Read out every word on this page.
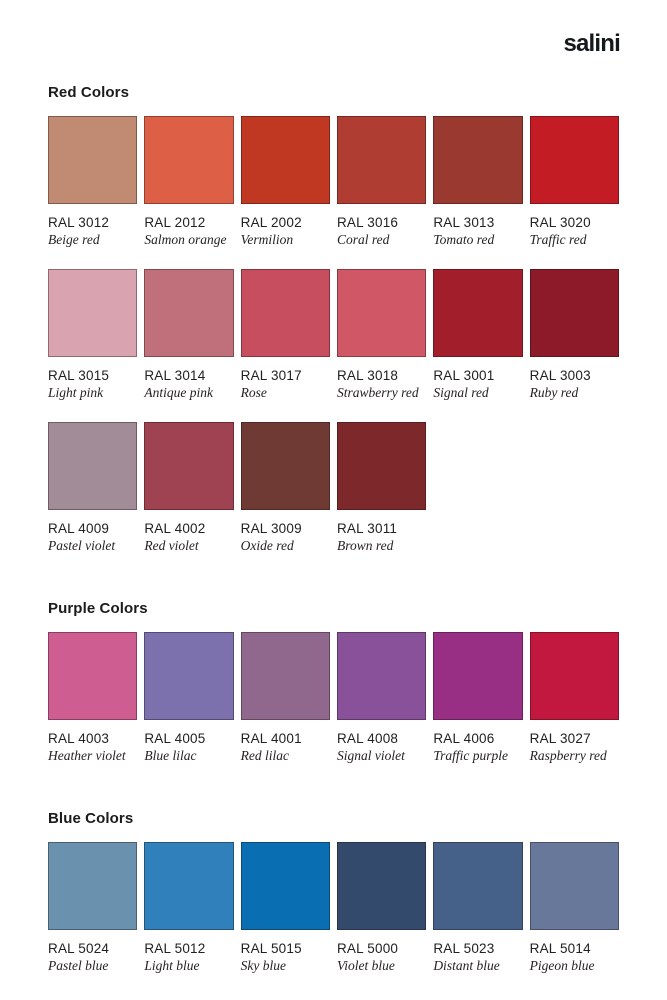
salini
Red Colors
RAL 3012
Beige red
RAL 2012
Salmon orange
RAL 2002
Vermilion
RAL 3016
Coral red
RAL 3013
Tomato red
RAL 3020
Traffic red
RAL 3015
Light pink
RAL 3014
Antique pink
RAL 3017
Rose
RAL 3018
Strawberry red
RAL 3001
Signal red
RAL 3003
Ruby red
RAL 4009
Pastel violet
RAL 4002
Red violet
RAL 3009
Oxide red
RAL 3011
Brown red
Purple Colors
RAL 4003
Heather violet
RAL 4005
Blue lilac
RAL 4001
Red lilac
RAL 4008
Signal violet
RAL 4006
Traffic purple
RAL 3027
Raspberry red
Blue Colors
RAL 5024
Pastel blue
RAL 5012
Light blue
RAL 5015
Sky blue
RAL 5000
Violet blue
RAL 5023
Distant blue
RAL 5014
Pigeon blue
